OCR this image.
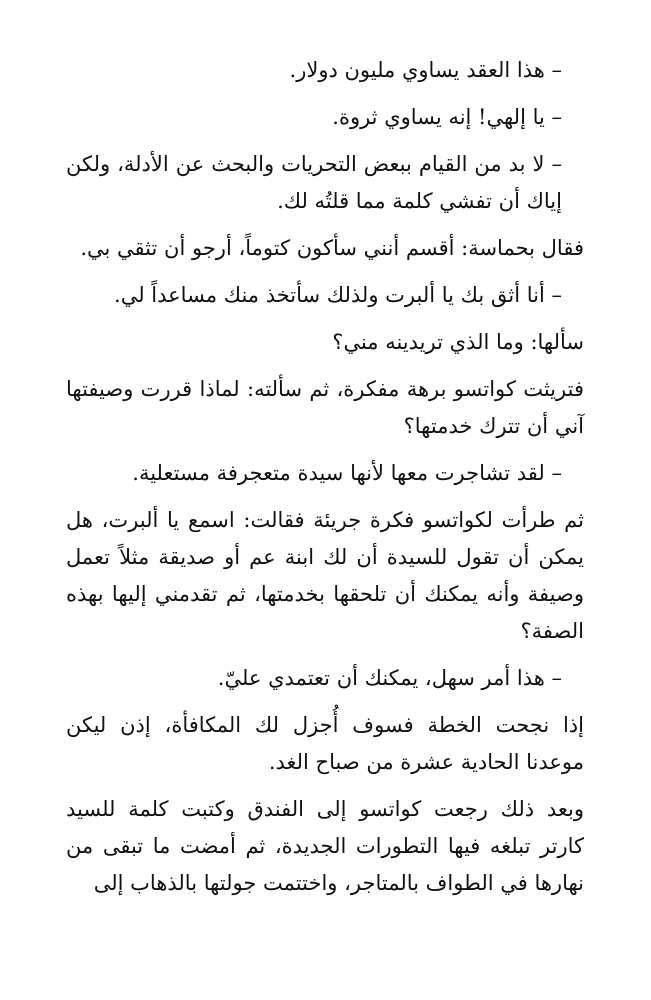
– هذا العقد يساوي مليون دولار.

– يا إلهي! إنه يساوي ثروة.

– لا بد من القيام ببعض التحريات والبحث عن الأدلة، ولكن إياك أن تفشي كلمة مما قلتُه لك.

فقال بحماسة: أقسم أنني سأكون كتوماً، أرجو أن تثقي بي.

– أنا أثق بك يا ألبرت ولذلك سأتخذ منك مساعداً لي.

سألها: وما الذي تريدينه مني؟

فتريثت كواتسو برهة مفكرة، ثم سألته: لماذا قررت وصيفتها آني أن تترك خدمتها؟

– لقد تشاجرت معها لأنها سيدة متعجرفة مستعلية.

ثم طرأت لكواتسو فكرة جريئة فقالت: اسمع يا ألبرت، هل يمكن أن تقول للسيدة أن لك ابنة عم أو صديقة مثلاً تعمل وصيفة وأنه يمكنك أن تلحقها بخدمتها، ثم تقدمني إليها بهذه الصفة؟

– هذا أمر سهل، يمكنك أن تعتمدي عليّ.

إذا نجحت الخطة فسوف أُجزل لك المكافأة، إذن ليكن موعدنا الحادية عشرة من صباح الغد.

وبعد ذلك رجعت كواتسو إلى الفندق وكتبت كلمة للسيد كارتر تبلغه فيها التطورات الجديدة، ثم أمضت ما تبقى من نهارها في الطواف بالمتاجر، واختتمت جولتها بالذهاب إلى
